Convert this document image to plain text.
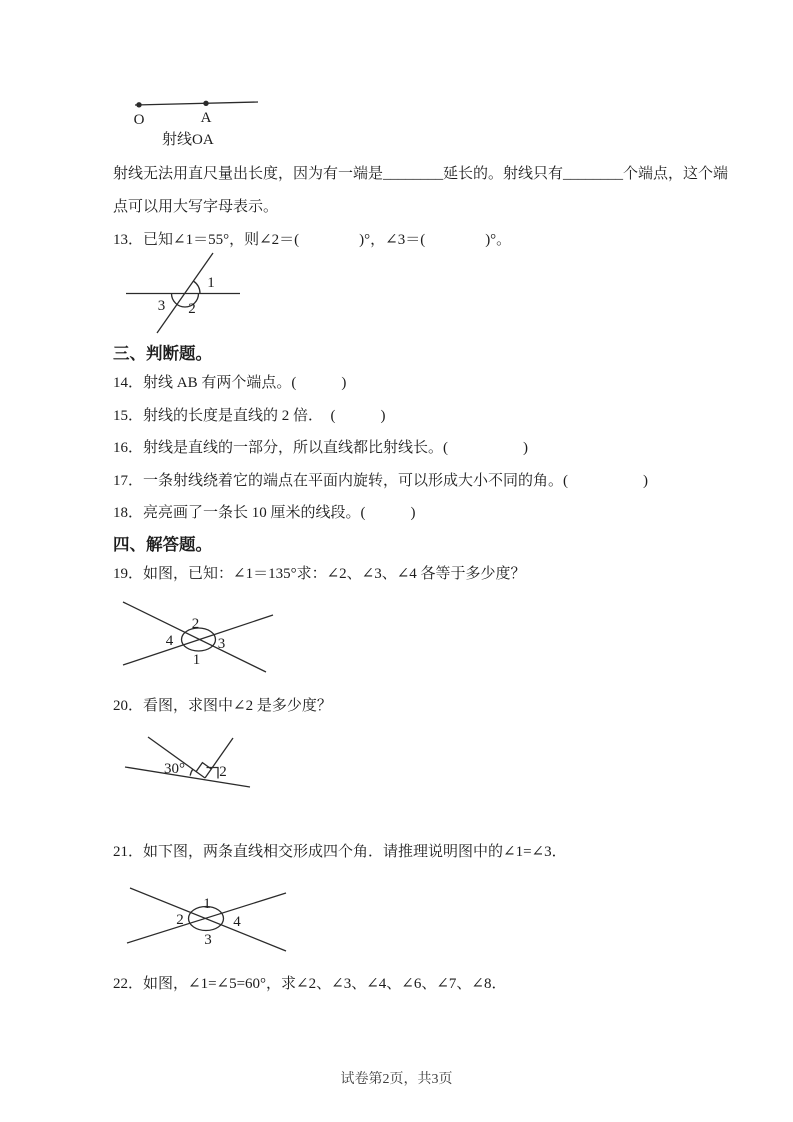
O	A
射线OA
射线无法用直尺量出长度，因为有一端是________延长的。射线只有________个端点，这个端
点可以用大写字母表示。
13．已知∠1＝55°，则∠2＝(　　　　)°，∠3＝(　　　　)°。
1
3 2
三、判断题。
14．射线 AB 有两个端点。(　　　)
15．射线的长度是直线的 2 倍．　(　　　)
16．射线是直线的一部分，所以直线都比射线长。(　　　　　)
17．一条射线绕着它的端点在平面内旋转，可以形成大小不同的角。(　　　　　)
18．亮亮画了一条长 10 厘米的线段。(　　　)
四、解答题。
19．如图，已知：∠1＝135°求：∠2、∠3、∠4 各等于多少度？
2
4	3
1
20．看图，求图中∠2 是多少度？
30° 2
21．如下图，两条直线相交形成四个角．请推理说明图中的∠1=∠3．
1
2	4
3
22．如图，∠1=∠5=60°，求∠2、∠3、∠4、∠6、∠7、∠8．
试卷第2页，共3页
